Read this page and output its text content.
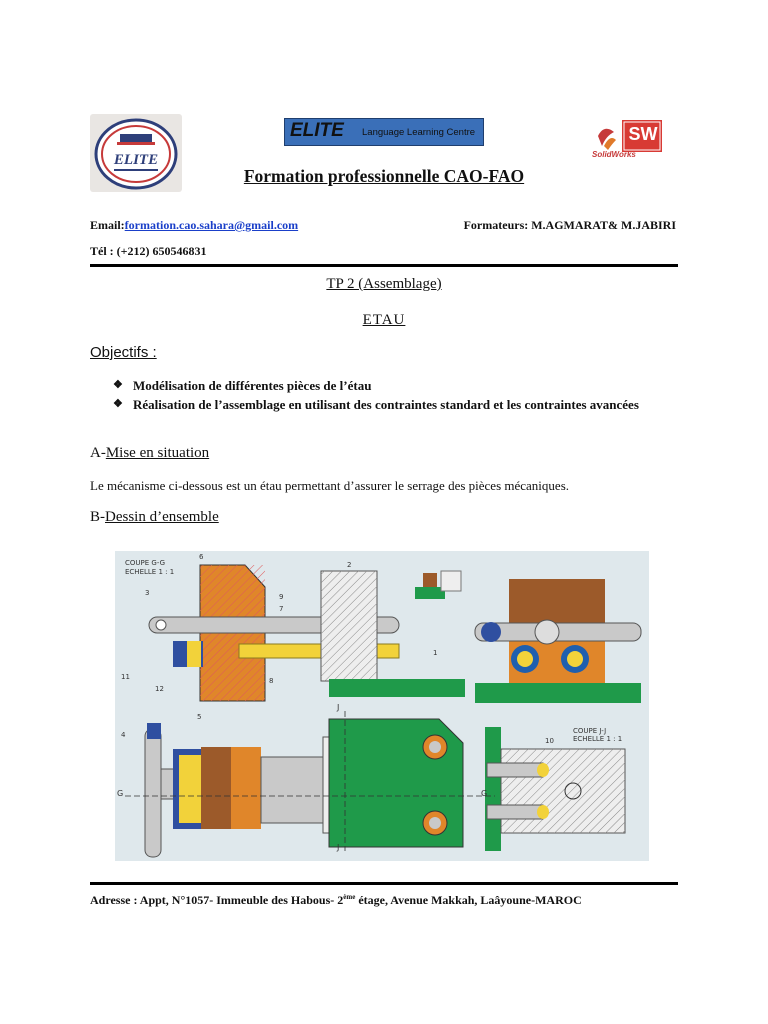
ELITE
ELITE Language Learning Centre	SW
SolidWorks
Formation professionnelle CAO-FAO
Email:formation.cao.sahara@gmail.com	Formateurs: M.AGMARAT& M.JABIRI
Tél : (+212) 650546831
TP 2 (Assemblage)
ETAU
Objectifs :
❖ Modélisation de différentes pièces de l’étau
❖ Réalisation de l’assemblage en utilisant des contraintes standard et les contraintes avancées
A-Mise en situation
Le mécanisme ci-dessous est un étau permettant d’assurer le serrage des pièces mécaniques.
B-Dessin d’ensemble
COUPE G-G
ECHELLE 1 : 1
COUPE J-J
ECHELLE 1 : 1
1
2
3
4
5
6
7
8
9
10
11
12
G	G
J
J
Adresse : Appt, N°1057- Immeuble des Habous- 2ème étage, Avenue Makkah, Laâyoune-MAROC
